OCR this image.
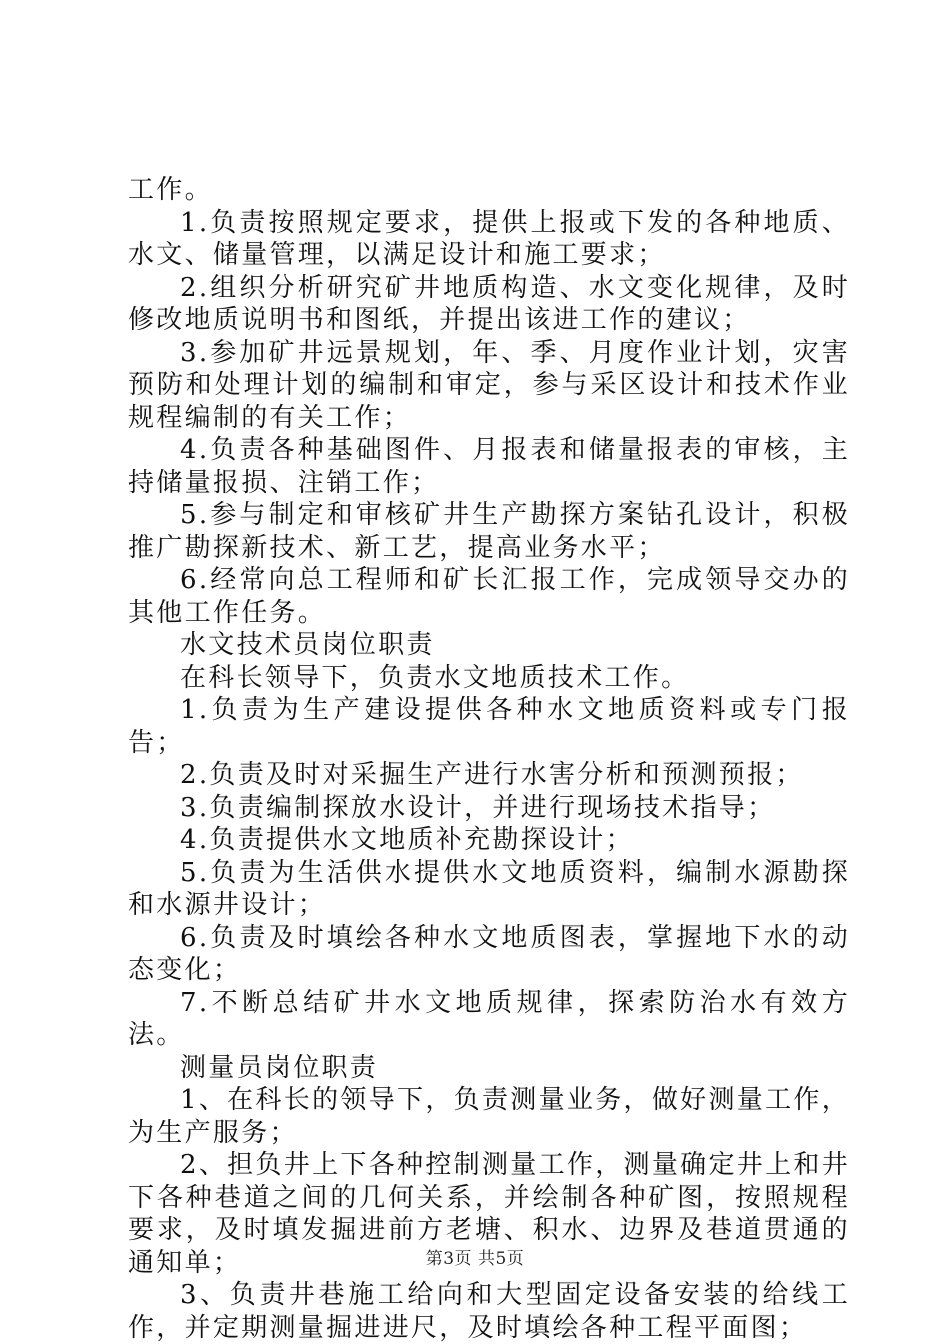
工作。

1.负责按照规定要求，提供上报或下发的各种地质、水文、储量管理，以满足设计和施工要求；

2.组织分析研究矿井地质构造、水文变化规律，及时修改地质说明书和图纸，并提出该进工作的建议；

3.参加矿井远景规划，年、季、月度作业计划，灾害预防和处理计划的编制和审定，参与采区设计和技术作业规程编制的有关工作；

4.负责各种基础图件、月报表和储量报表的审核，主持储量报损、注销工作；

5.参与制定和审核矿井生产勘探方案钻孔设计，积极推广勘探新技术、新工艺，提高业务水平；

6.经常向总工程师和矿长汇报工作，完成领导交办的其他工作任务。

水文技术员岗位职责

在科长领导下，负责水文地质技术工作。

1.负责为生产建设提供各种水文地质资料或专门报告；

2.负责及时对采掘生产进行水害分析和预测预报；

3.负责编制探放水设计，并进行现场技术指导；

4.负责提供水文地质补充勘探设计；

5.负责为生活供水提供水文地质资料，编制水源勘探和水源井设计；

6.负责及时填绘各种水文地质图表，掌握地下水的动态变化；

7.不断总结矿井水文地质规律，探索防治水有效方法。

测量员岗位职责

1、在科长的领导下，负责测量业务，做好测量工作，为生产服务；

2、担负井上下各种控制测量工作，测量确定井上和井下各种巷道之间的几何关系，并绘制各种矿图，按照规程要求，及时填发掘进前方老塘、积水、边界及巷道贯通的通知单；

3、负责井巷施工给向和大型固定设备安装的给线工作，并定期测量掘进进尺，及时填绘各种工程平面图；

第3页 共5页
